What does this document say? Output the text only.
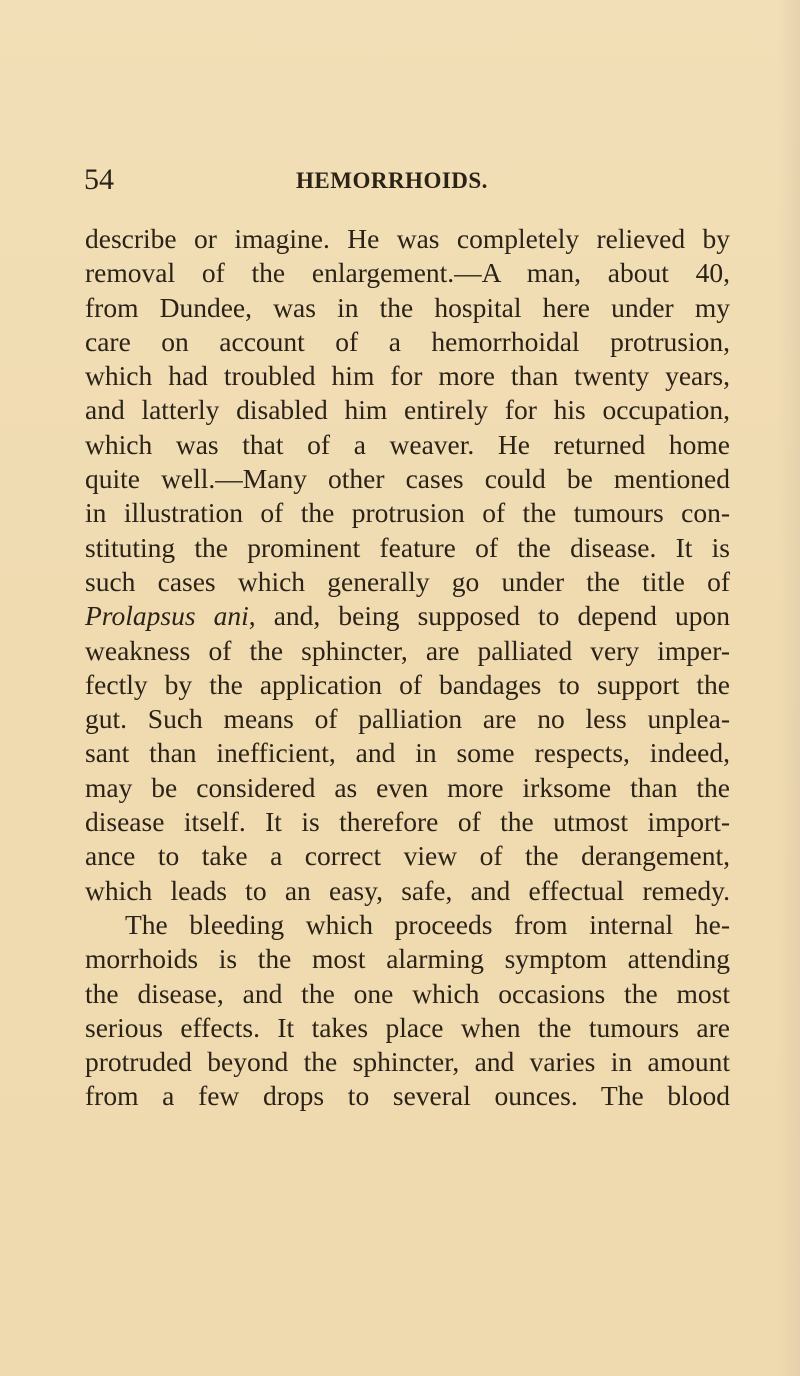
54	HEMORRHOIDS.
describe or imagine. He was completely relieved by
removal of the enlargement.—A man, about 40,
from Dundee, was in the hospital here under my
care on account of a hemorrhoidal protrusion,
which had troubled him for more than twenty years,
and latterly disabled him entirely for his occupation,
which was that of a weaver. He returned home
quite well.—Many other cases could be mentioned
in illustration of the protrusion of the tumours con-
stituting the prominent feature of the disease. It is
such cases which generally go under the title of
Prolapsus ani, and, being supposed to depend upon
weakness of the sphincter, are palliated very imper-
fectly by the application of bandages to support the
gut. Such means of palliation are no less unplea-
sant than inefficient, and in some respects, indeed,
may be considered as even more irksome than the
disease itself. It is therefore of the utmost import-
ance to take a correct view of the derangement,
which leads to an easy, safe, and effectual remedy.
The bleeding which proceeds from internal he-
morrhoids is the most alarming symptom attending
the disease, and the one which occasions the most
serious effects. It takes place when the tumours are
protruded beyond the sphincter, and varies in amount
from a few drops to several ounces. The blood
